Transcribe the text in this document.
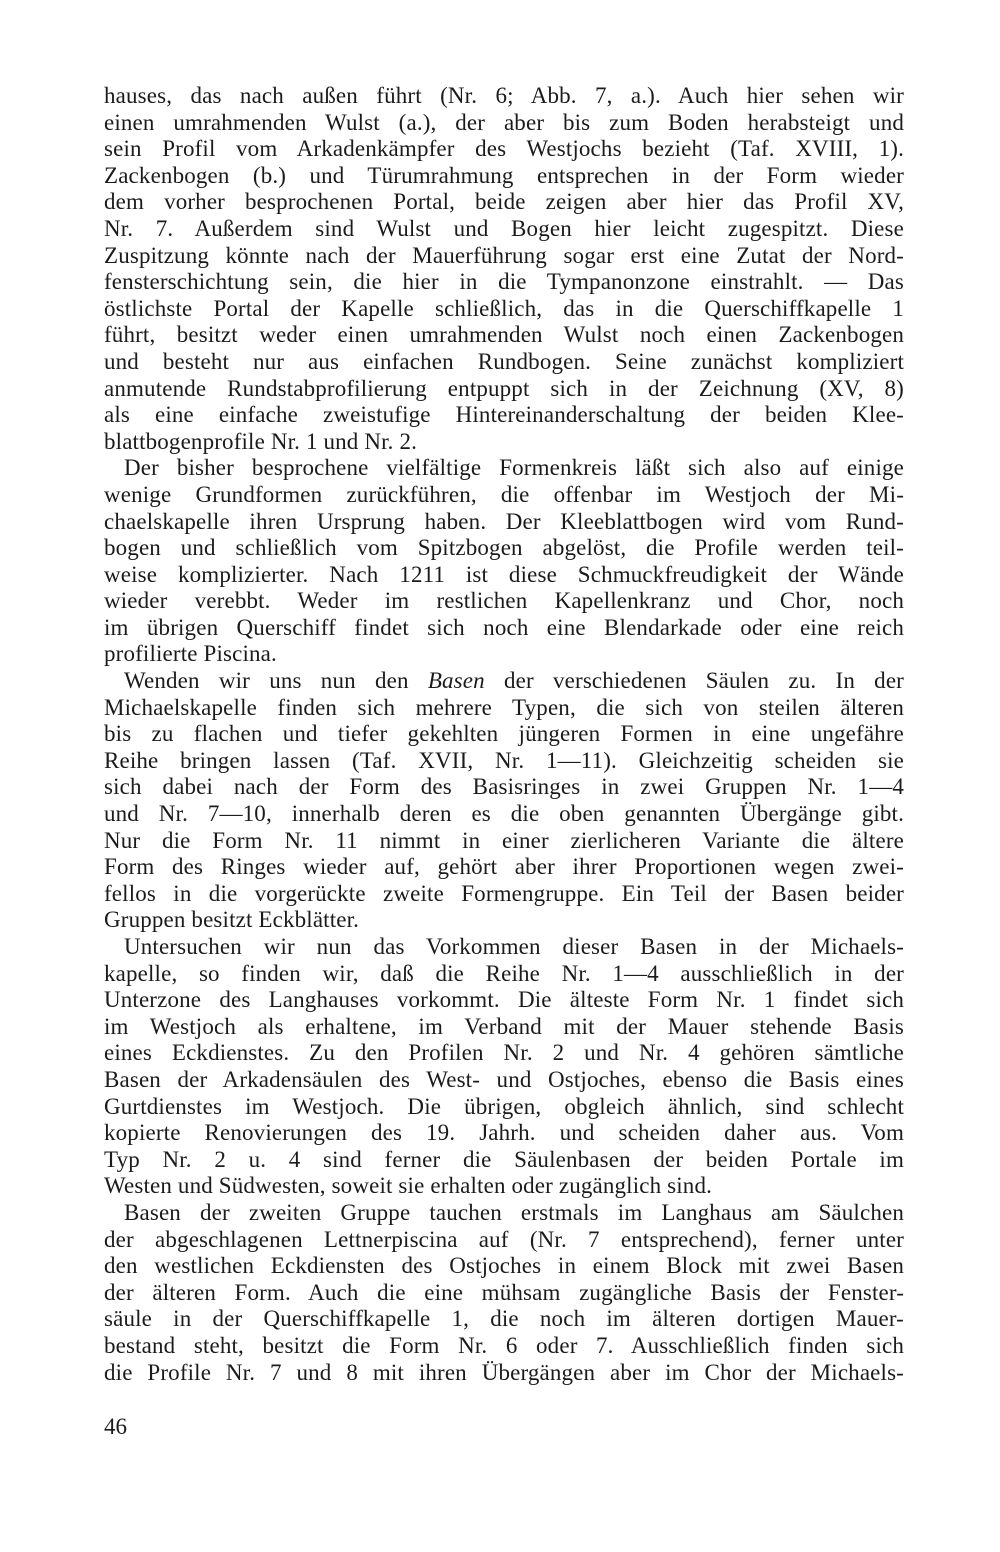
hauses, das nach außen führt (Nr. 6; Abb. 7, a.). Auch hier sehen wir
einen umrahmenden Wulst (a.), der aber bis zum Boden herabsteigt und
sein Profil vom Arkadenkämpfer des Westjochs bezieht (Taf. XVIII, 1).
Zackenbogen (b.) und Türumrahmung entsprechen in der Form wieder
dem vorher besprochenen Portal, beide zeigen aber hier das Profil XV,
Nr. 7. Außerdem sind Wulst und Bogen hier leicht zugespitzt. Diese
Zuspitzung könnte nach der Mauerführung sogar erst eine Zutat der Nord-
fensterschichtung sein, die hier in die Tympanonzone einstrahlt. — Das
östlichste Portal der Kapelle schließlich, das in die Querschiffkapelle 1
führt, besitzt weder einen umrahmenden Wulst noch einen Zackenbogen
und besteht nur aus einfachen Rundbogen. Seine zunächst kompliziert
anmutende Rundstabprofilierung entpuppt sich in der Zeichnung (XV, 8)
als eine einfache zweistufige Hintereinanderschaltung der beiden Klee-
blattbogenprofile Nr. 1 und Nr. 2.
Der bisher besprochene vielfältige Formenkreis läßt sich also auf einige
wenige Grundformen zurückführen, die offenbar im Westjoch der Mi-
chaelskapelle ihren Ursprung haben. Der Kleeblattbogen wird vom Rund-
bogen und schließlich vom Spitzbogen abgelöst, die Profile werden teil-
weise komplizierter. Nach 1211 ist diese Schmuckfreudigkeit der Wände
wieder verebbt. Weder im restlichen Kapellenkranz und Chor, noch
im übrigen Querschiff findet sich noch eine Blendarkade oder eine reich
profilierte Piscina.
Wenden wir uns nun den Basen der verschiedenen Säulen zu. In der
Michaelskapelle finden sich mehrere Typen, die sich von steilen älteren
bis zu flachen und tiefer gekehlten jüngeren Formen in eine ungefähre
Reihe bringen lassen (Taf. XVII, Nr. 1—11). Gleichzeitig scheiden sie
sich dabei nach der Form des Basisringes in zwei Gruppen Nr. 1—4
und Nr. 7—10, innerhalb deren es die oben genannten Übergänge gibt.
Nur die Form Nr. 11 nimmt in einer zierlicheren Variante die ältere
Form des Ringes wieder auf, gehört aber ihrer Proportionen wegen zwei-
fellos in die vorgerückte zweite Formengruppe. Ein Teil der Basen beider
Gruppen besitzt Eckblätter.
Untersuchen wir nun das Vorkommen dieser Basen in der Michaels-
kapelle, so finden wir, daß die Reihe Nr. 1—4 ausschließlich in der
Unterzone des Langhauses vorkommt. Die älteste Form Nr. 1 findet sich
im Westjoch als erhaltene, im Verband mit der Mauer stehende Basis
eines Eckdienstes. Zu den Profilen Nr. 2 und Nr. 4 gehören sämtliche
Basen der Arkadensäulen des West- und Ostjoches, ebenso die Basis eines
Gurtdienstes im Westjoch. Die übrigen, obgleich ähnlich, sind schlecht
kopierte Renovierungen des 19. Jahrh. und scheiden daher aus. Vom
Typ Nr. 2 u. 4 sind ferner die Säulenbasen der beiden Portale im
Westen und Südwesten, soweit sie erhalten oder zugänglich sind.
Basen der zweiten Gruppe tauchen erstmals im Langhaus am Säulchen
der abgeschlagenen Lettnerpiscina auf (Nr. 7 entsprechend), ferner unter
den westlichen Eckdiensten des Ostjoches in einem Block mit zwei Basen
der älteren Form. Auch die eine mühsam zugängliche Basis der Fenster-
säule in der Querschiffkapelle 1, die noch im älteren dortigen Mauer-
bestand steht, besitzt die Form Nr. 6 oder 7. Ausschließlich finden sich
die Profile Nr. 7 und 8 mit ihren Übergängen aber im Chor der Michaels-
46
